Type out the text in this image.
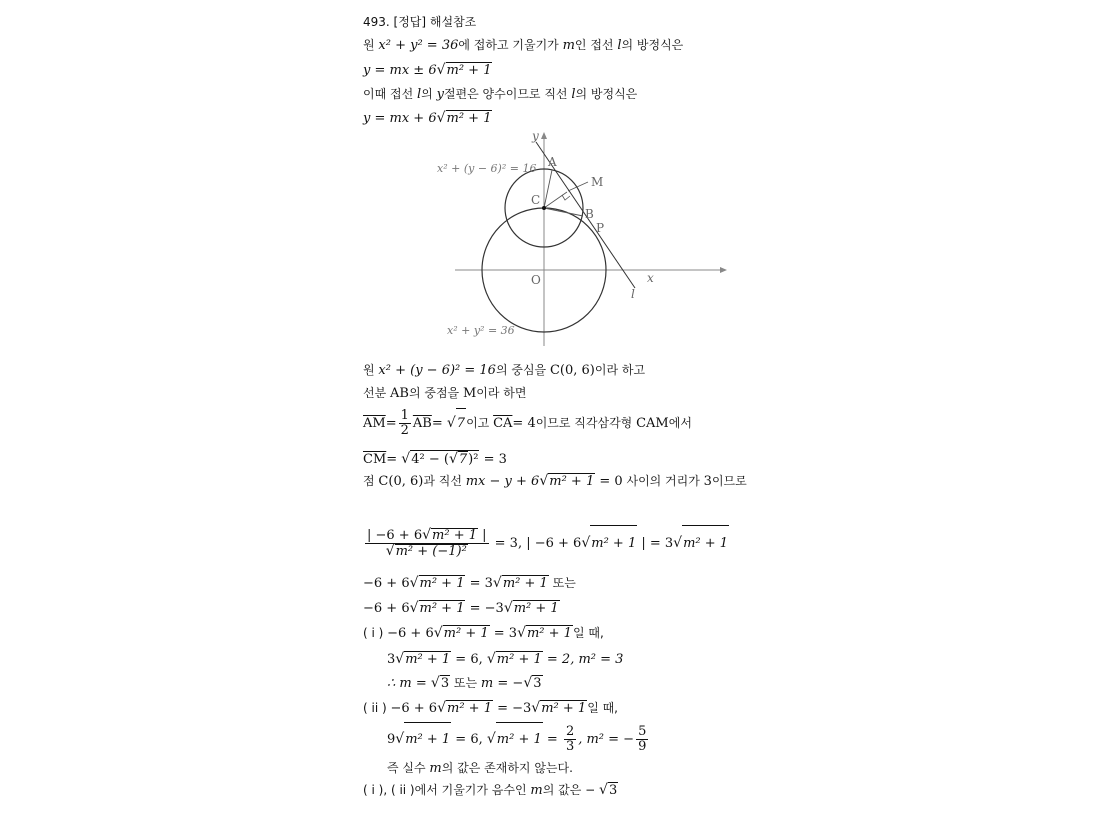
493. [정답] 해설참조
원 x² + y² = 36에 접하고 기울기가 m인 접선 l의 방정식은
y = mx ± 6√m² + 1
이때 접선 l의 y절편은 양수이므로 직선 l의 방정식은
y = mx + 6√m² + 1
y
A
M
C
B
P
O	x
l
x² + (y − 6)² = 16
x² + y² = 36
원 x² + (y − 6)² = 16의 중심을 C(0, 6)이라 하고
선분 AB의 중점을 M이라 하면
$\overline{AM}= \frac{1}{2} \overline{AB}= √7$이고 $\overline{CA}= 4$이므로 직각삼각형 CAM에서
$\overline{CM}= √4^2 - (√7)^2 = 3$
점 C(0, 6)과 직선 mx − y + 6√m² + 1 = 0 사이의 거리가 3이므로
$\frac{\text{| −6 + 6√m² + 1 |}}{\text{√m² + (−1)²}} = 3$, | −6 + 6√m² + 1 | = 3√m² + 1
−6 + 6√m² + 1 = 3√m² + 1 또는
−6 + 6√m² + 1 = −3√m² + 1
( i ) −6 + 6√m² + 1 = 3√m² + 1일 때,
3√m² + 1 = 6, √m² + 1 = 2, m² = 3
∴ m = √3 또는 m = −√3
( ii ) −6 + 6√m² + 1 = −3√m² + 1일 때,
9√m² + 1 = 6, $√m^2 + 1 = \frac{2}{3}$ , m² = − $\frac{5}{9}$
즉 실수 m의 값은 존재하지 않는다.
( i ), ( ii )에서 기울기가 음수인 m의 값은 − √3
